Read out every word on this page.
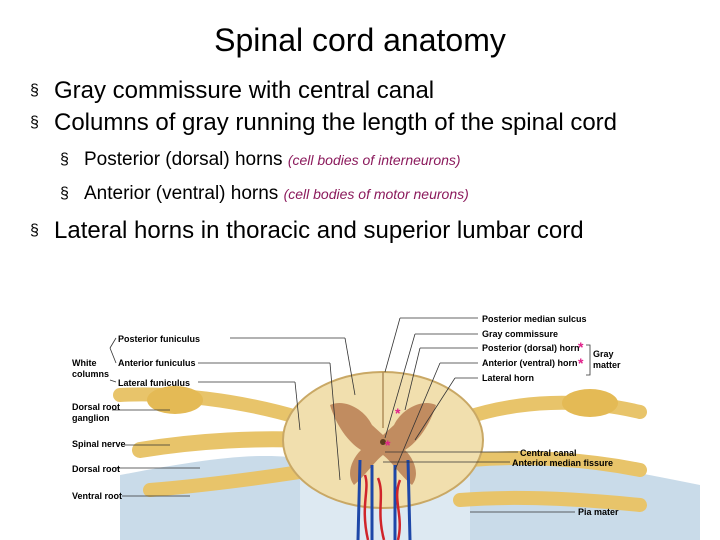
Spinal cord anatomy
§ Gray commissure with central canal
§ Columns of gray running the length of the spinal cord
§ Posterior (dorsal) horns (cell bodies of interneurons)
§ Anterior (ventral) horns (cell bodies of motor neurons)
§ Lateral horns in thoracic and superior lumbar cord
*
*
*
*
Posterior funiculus
Anterior funiculus
Lateral funiculus
White
columns
Dorsal root
ganglion
Spinal nerve
Dorsal root
Ventral root
Posterior median sulcus
Gray commissure
Posterior (dorsal) horn
Anterior (ventral) horn
Lateral horn
Gray
matter
Central canal
Anterior median fissure
Pia mater
